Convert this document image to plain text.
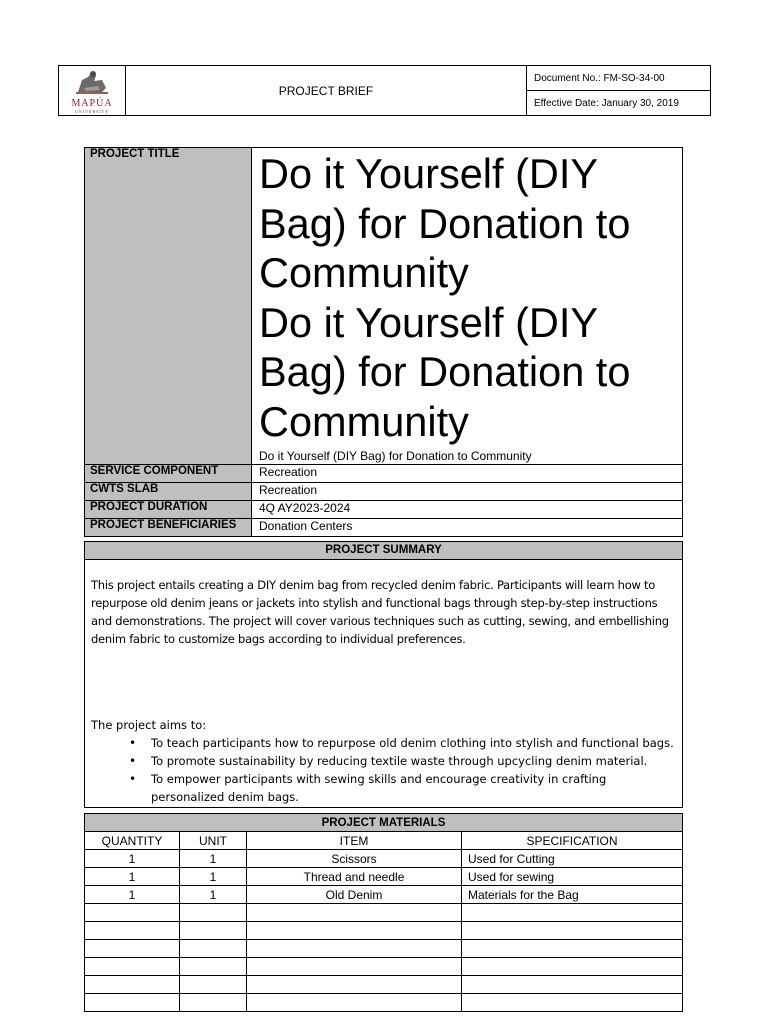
MAPÚA
UNIVERSITY
	PROJECT BRIEF	Document No.: FM-SO-34-00
Effective Date: January 30, 2019
PROJECT TITLE	Do it Yourself (DIY Bag) for Donation to Community
Do it Yourself (DIY Bag) for Donation to Community
Do it Yourself (DIY Bag) for Donation to Community

SERVICE COMPONENT	Recreation
CWTS SLAB	Recreation
PROJECT DURATION	4Q AY2023-2024
PROJECT BENEFICIARIES	Donation Centers
PROJECT SUMMARY

This project entails creating a DIY denim bag from recycled denim fabric. Participants will learn how to repurpose old denim jeans or jackets into stylish and functional bags through step-by-step instructions and demonstrations. The project will cover various techniques such as cutting, sewing, and embellishing denim fabric to customize bags according to individual preferences.

The project aims to:

• To teach participants how to repurpose old denim clothing into stylish and functional bags.
• To promote sustainability by reducing textile waste through upcycling denim material.
• To empower participants with sewing skills and encourage creativity in crafting personalized denim bags.
PROJECT MATERIALS			
QUANTITY	UNIT	ITEM	SPECIFICATION
1	1	Scissors	Used for Cutting
1	1	Thread and needle	Used for sewing
1	1	Old Denim	Materials for the Bag
